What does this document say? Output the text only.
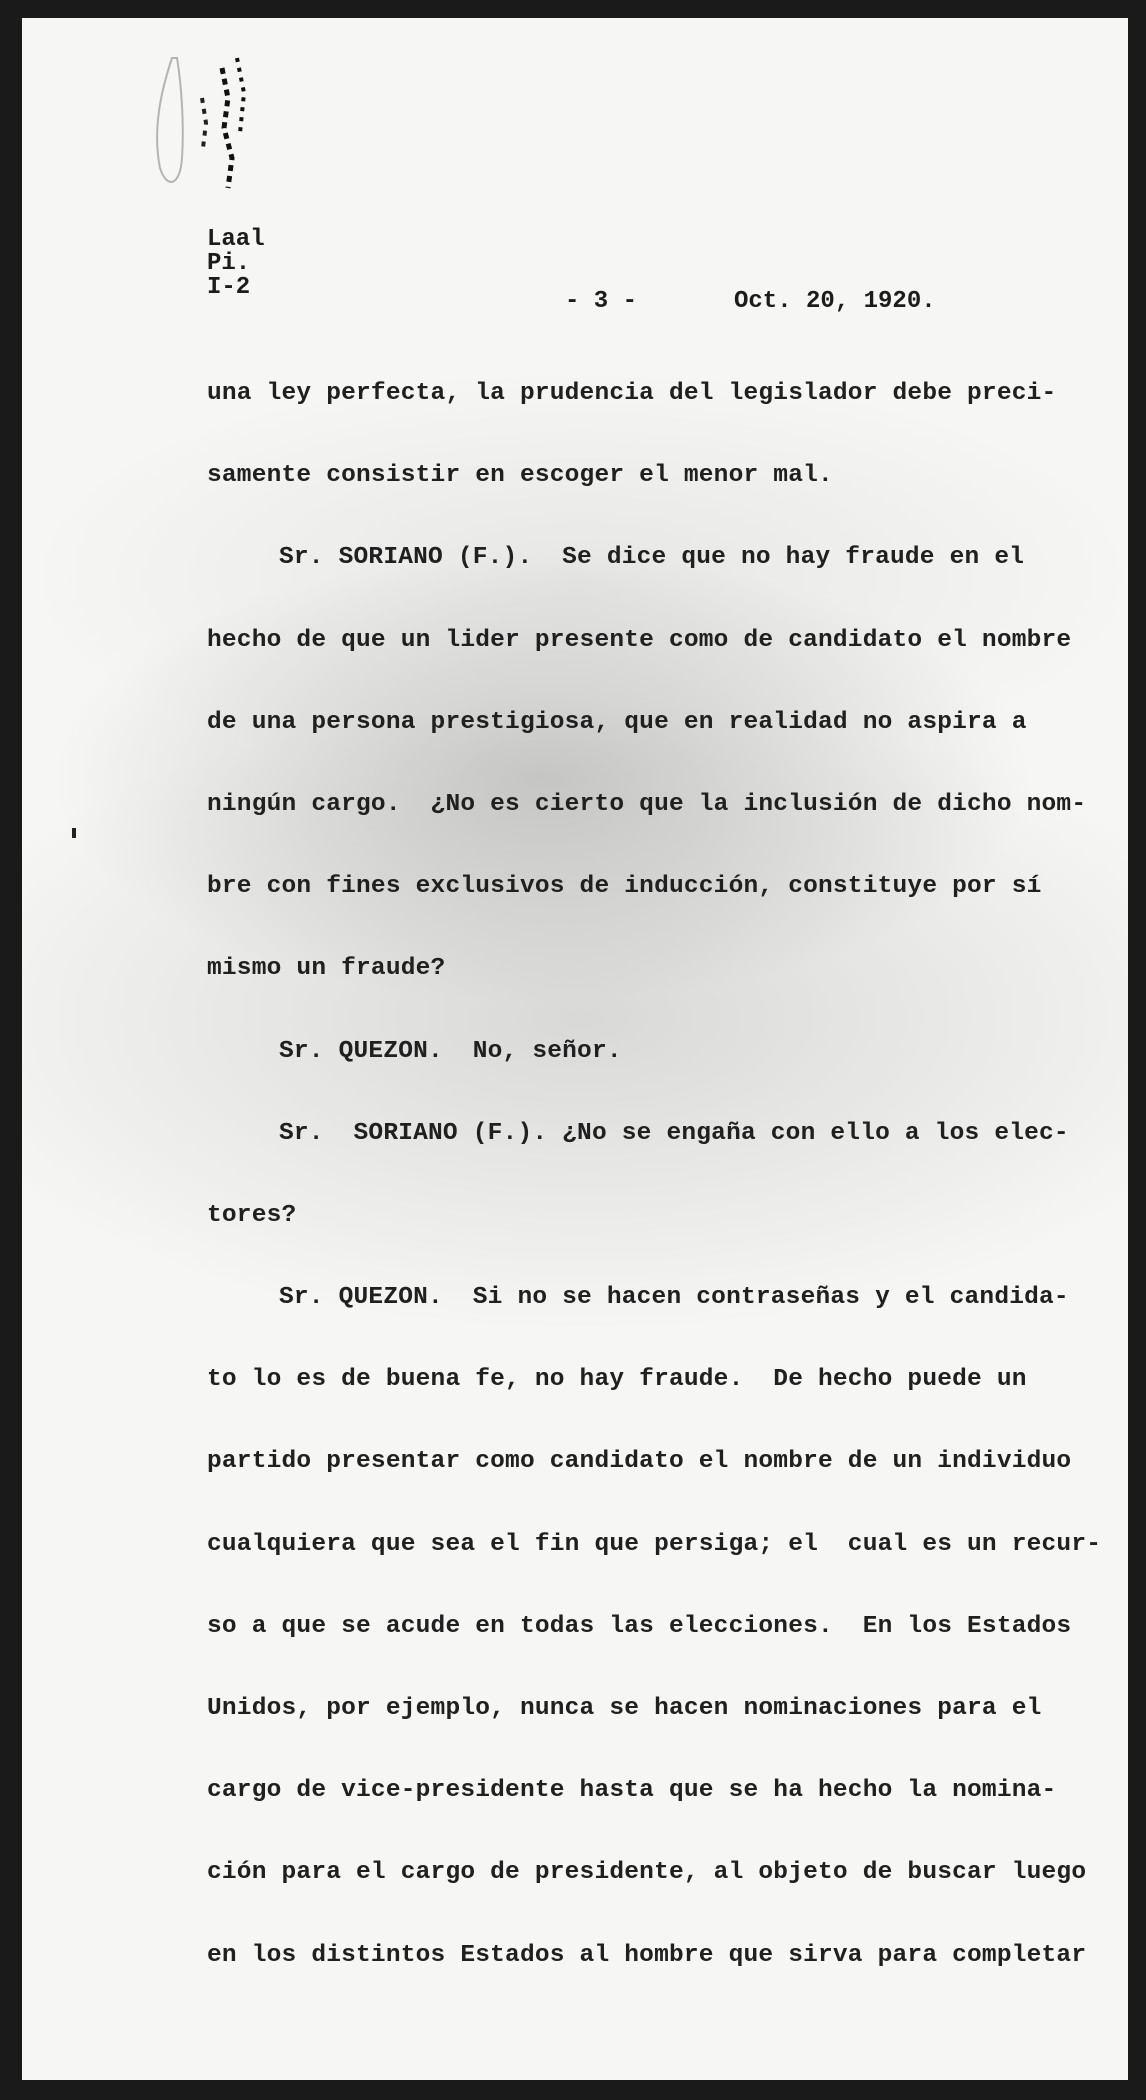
Laal
Pi.
I-2
- 3 -	Oct. 20, 1920.
una ley perfecta, la prudencia del legislador debe preci-
samente consistir en escoger el menor mal.
Sr. SORIANO (F.).  Se dice que no hay fraude en el
hecho de que un lider presente como de candidato el nombre
de una persona prestigiosa, que en realidad no aspira a
ningún cargo.  ¿No es cierto que la inclusión de dicho nom-
bre con fines exclusivos de inducción, constituye por sí
mismo un fraude?
Sr. QUEZON.  No, señor.
Sr.  SORIANO (F.). ¿No se engaña con ello a los elec-
tores?
Sr. QUEZON.  Si no se hacen contraseñas y el candida-
to lo es de buena fe, no hay fraude.  De hecho puede un
partido presentar como candidato el nombre de un individuo
cualquiera que sea el fin que persiga; el  cual es un recur-
so a que se acude en todas las elecciones.  En los Estados
Unidos, por ejemplo, nunca se hacen nominaciones para el
cargo de vice-presidente hasta que se ha hecho la nomina-
ción para el cargo de presidente, al objeto de buscar luego
en los distintos Estados al hombre que sirva para completar
